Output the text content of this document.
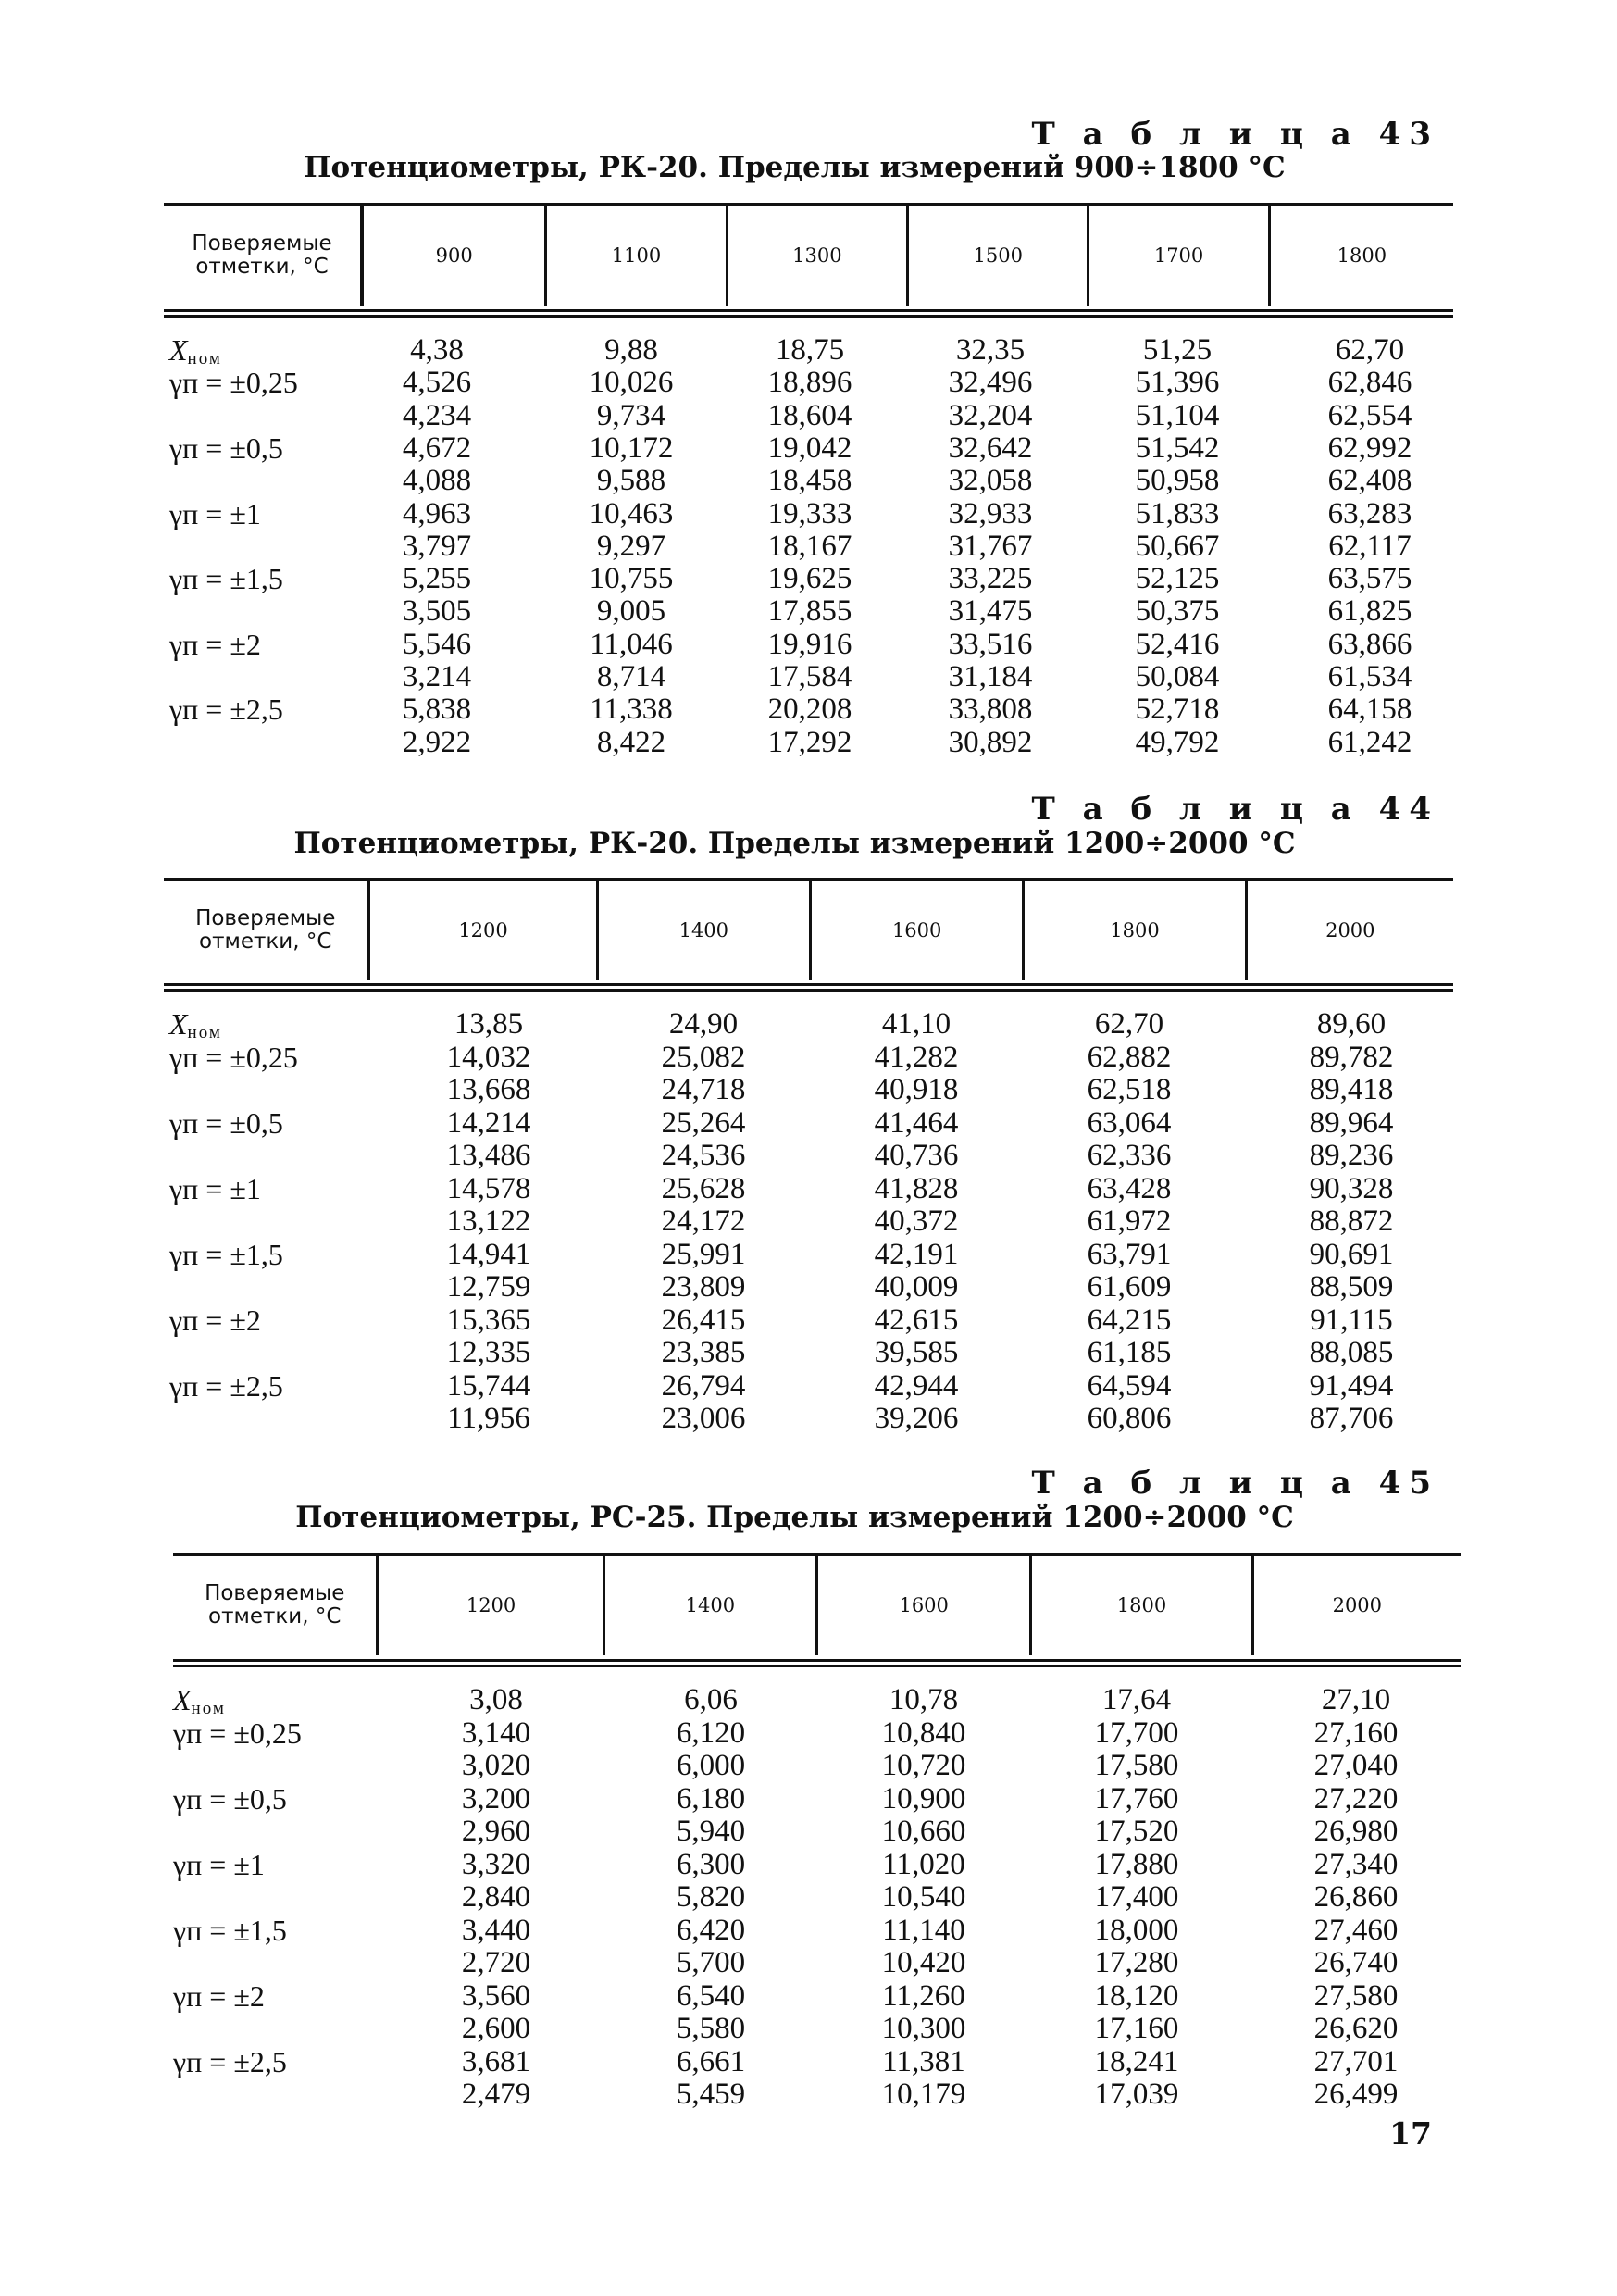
Т а б л и ц а 43
Потенциометры, РК-20. Пределы измерений 900÷1800 °С
Поверяемые отметки, °С	900	1100	1300	1500	1700	1800
$X_{ном}$	4,38	9,88	18,75	32,35	51,25	62,70
γп = ±0,25	4,526	10,026	18,896	32,496	51,396	62,846
4,234	9,734	18,604	32,204	51,104	62,554
γп = ±0,5	4,672	10,172	19,042	32,642	51,542	62,992
4,088	9,588	18,458	32,058	50,958	62,408
γп = ±1	4,963	10,463	19,333	32,933	51,833	63,283
3,797	9,297	18,167	31,767	50,667	62,117
γп = ±1,5	5,255	10,755	19,625	33,225	52,125	63,575
3,505	9,005	17,855	31,475	50,375	61,825
γп = ±2	5,546	11,046	19,916	33,516	52,416	63,866
3,214	8,714	17,584	31,184	50,084	61,534
γп = ±2,5	5,838	11,338	20,208	33,808	52,718	64,158
2,922	8,422	17,292	30,892	49,792	61,242
Т а б л и ц а 44
Потенциометры, РК-20. Пределы измерений 1200÷2000 °С
Поверяемые отметки, °С	1200	1400	1600	1800	2000
$X_{ном}$	13,85	24,90	41,10	62,70	89,60
γп = ±0,25	14,032	25,082	41,282	62,882	89,782
13,668	24,718	40,918	62,518	89,418
γп = ±0,5	14,214	25,264	41,464	63,064	89,964
13,486	24,536	40,736	62,336	89,236
γп = ±1	14,578	25,628	41,828	63,428	90,328
13,122	24,172	40,372	61,972	88,872
γп = ±1,5	14,941	25,991	42,191	63,791	90,691
12,759	23,809	40,009	61,609	88,509
γп = ±2	15,365	26,415	42,615	64,215	91,115
12,335	23,385	39,585	61,185	88,085
γп = ±2,5	15,744	26,794	42,944	64,594	91,494
11,956	23,006	39,206	60,806	87,706
Т а б л и ц а 45
Потенциометры, РС-25. Пределы измерений 1200÷2000 °С
Поверяемые отметки, °С	1200	1400	1600	1800	2000
$X_{ном}$	3,08	6,06	10,78	17,64	27,10
γп = ±0,25	3,140	6,120	10,840	17,700	27,160
3,020	6,000	10,720	17,580	27,040
γп = ±0,5	3,200	6,180	10,900	17,760	27,220
2,960	5,940	10,660	17,520	26,980
γп = ±1	3,320	6,300	11,020	17,880	27,340
2,840	5,820	10,540	17,400	26,860
γп = ±1,5	3,440	6,420	11,140	18,000	27,460
2,720	5,700	10,420	17,280	26,740
γп = ±2	3,560	6,540	11,260	18,120	27,580
2,600	5,580	10,300	17,160	26,620
γп = ±2,5	3,681	6,661	11,381	18,241	27,701
2,479	5,459	10,179	17,039	26,499
17
